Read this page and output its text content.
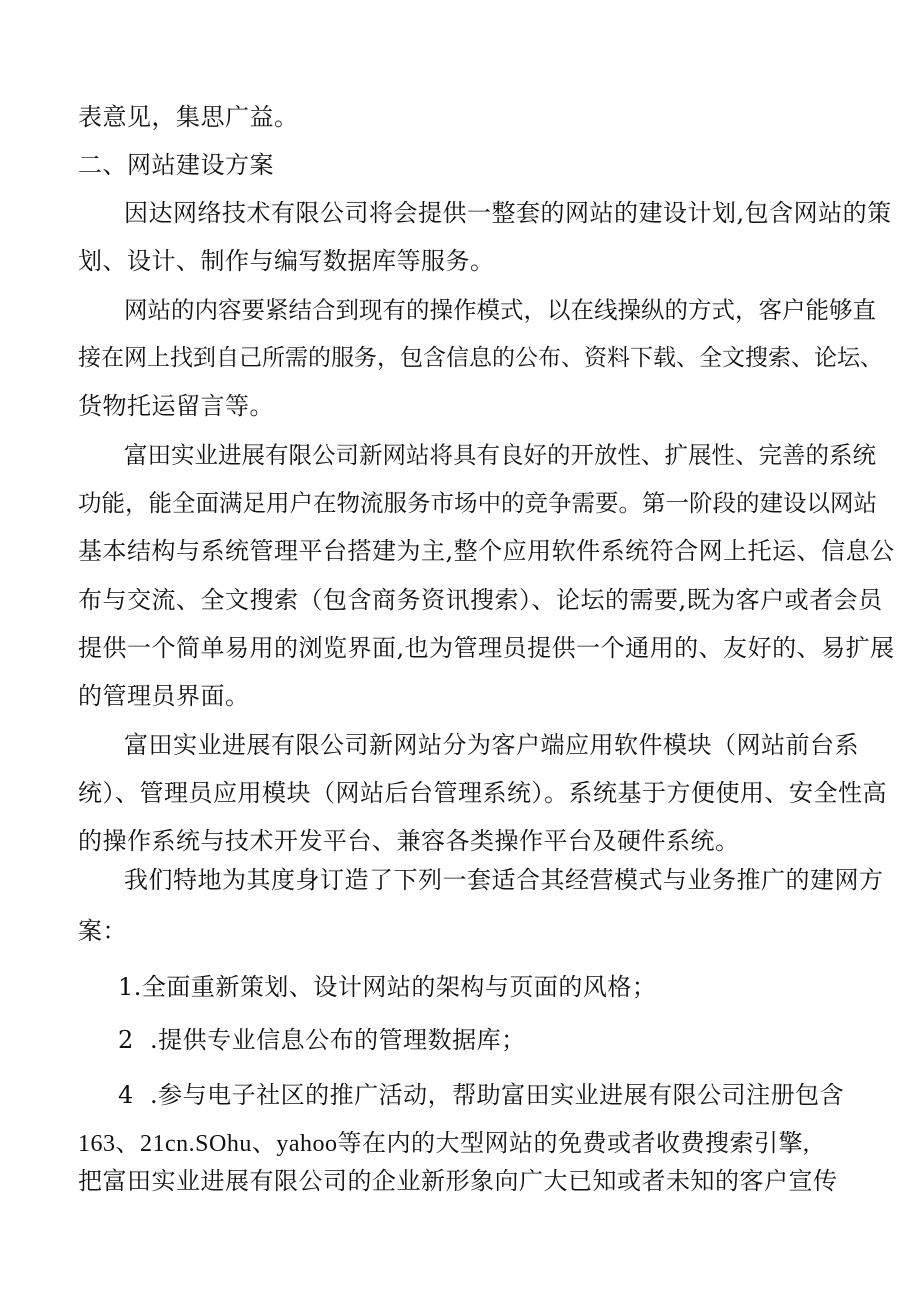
表意见，集思广益。
二、网站建设方案
因达网络技术有限公司将会提供一整套的网站的建设计划,包含网站的策
划、设计、制作与编写数据库等服务。
网站的内容要紧结合到现有的操作模式，以在线操纵的方式，客户能够直
接在网上找到自己所需的服务，包含信息的公布、资料下载、全文搜索、论坛、
货物托运留言等。
富田实业进展有限公司新网站将具有良好的开放性、扩展性、完善的系统
功能，能全面满足用户在物流服务市场中的竞争需要。第一阶段的建设以网站
基本结构与系统管理平台搭建为主,整个应用软件系统符合网上托运、信息公
布与交流、全文搜索（包含商务资讯搜索）、论坛的需要,既为客户或者会员
提供一个简单易用的浏览界面,也为管理员提供一个通用的、友好的、易扩展
的管理员界面。
富田实业进展有限公司新网站分为客户端应用软件模块（网站前台系
统）、管理员应用模块（网站后台管理系统）。系统基于方便使用、安全性高
的操作系统与技术开发平台、兼容各类操作平台及硬件系统。
我们特地为其度身订造了下列一套适合其经营模式与业务推广的建网方
案：
1.全面重新策划、设计网站的架构与页面的风格；
2  .提供专业信息公布的管理数据库；
4  .参与电子社区的推广活动，帮助富田实业进展有限公司注册包含
163、21cn.SOhu、yahoo等在内的大型网站的免费或者收费搜索引擎,
把富田实业进展有限公司的企业新形象向广大已知或者未知的客户宣传
